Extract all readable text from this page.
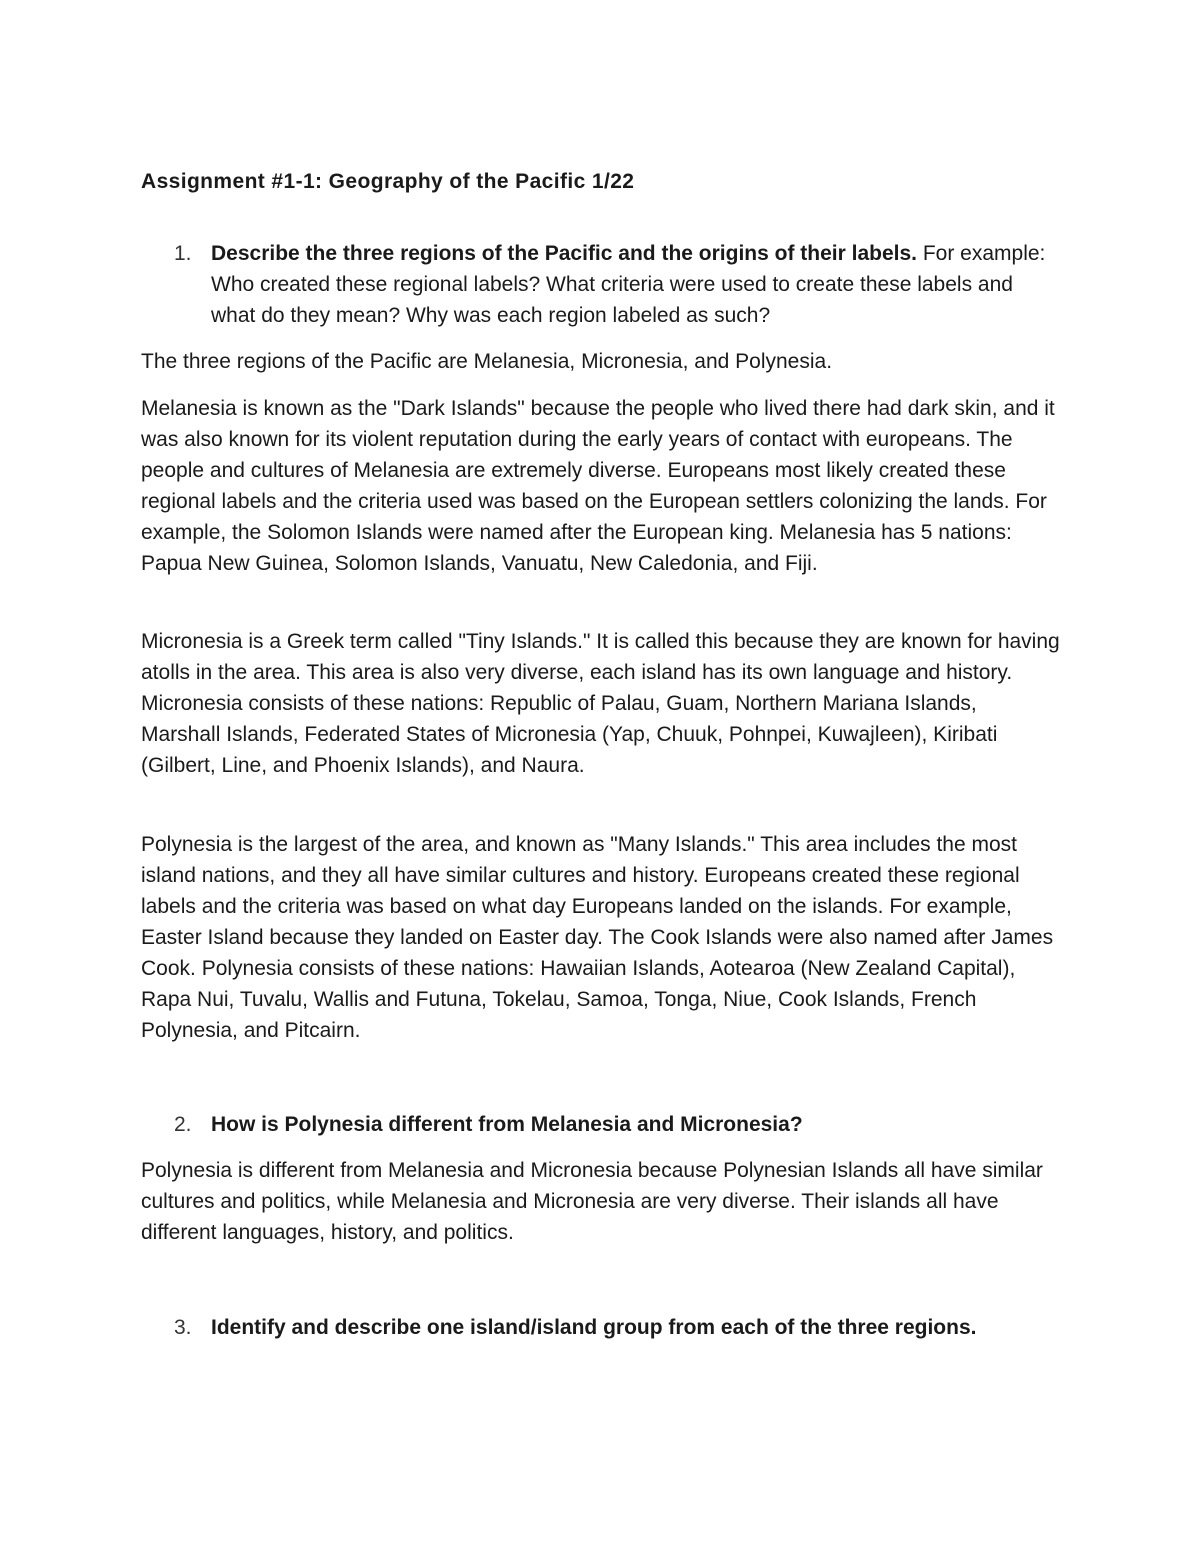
Assignment #1-1: Geography of the Pacific 1/22
1. Describe the three regions of the Pacific and the origins of their labels. For example: Who created these regional labels? What criteria were used to create these labels and what do they mean? Why was each region labeled as such?

The three regions of the Pacific are Melanesia, Micronesia, and Polynesia.

Melanesia is known as the "Dark Islands" because the people who lived there had dark skin, and it was also known for its violent reputation during the early years of contact with europeans. The people and cultures of Melanesia are extremely diverse. Europeans most likely created these regional labels and the criteria used was based on the European settlers colonizing the lands. For example, the Solomon Islands were named after the European king. Melanesia has 5 nations: Papua New Guinea, Solomon Islands, Vanuatu, New Caledonia, and Fiji.

Micronesia is a Greek term called "Tiny Islands." It is called this because they are known for having atolls in the area. This area is also very diverse, each island has its own language and history. Micronesia consists of these nations: Republic of Palau, Guam, Northern Mariana Islands, Marshall Islands, Federated States of Micronesia (Yap, Chuuk, Pohnpei, Kuwajleen), Kiribati (Gilbert, Line, and Phoenix Islands), and Naura.

Polynesia is the largest of the area, and known as "Many Islands." This area includes the most island nations, and they all have similar cultures and history. Europeans created these regional labels and the criteria was based on what day Europeans landed on the islands. For example, Easter Island because they landed on Easter day. The Cook Islands were also named after James Cook. Polynesia consists of these nations: Hawaiian Islands, Aotearoa (New Zealand Capital), Rapa Nui, Tuvalu, Wallis and Futuna, Tokelau, Samoa, Tonga, Niue, Cook Islands, French Polynesia, and Pitcairn.

2. How is Polynesia different from Melanesia and Micronesia?

Polynesia is different from Melanesia and Micronesia because Polynesian Islands all have similar cultures and politics, while Melanesia and Micronesia are very diverse. Their islands all have different languages, history, and politics.

3. Identify and describe one island/island group from each of the three regions.
